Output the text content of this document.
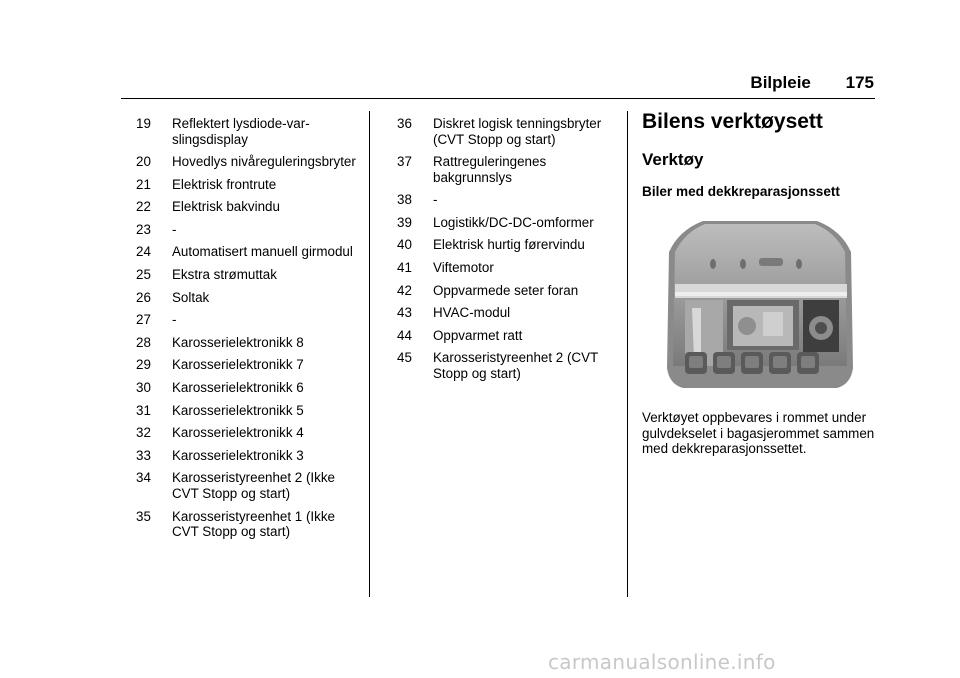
Bilpleie 175
19	Reflektert lysdiode-varslingsdisplay
20	Hovedlys nivåreguleringsbryter
21	Elektrisk frontrute
22	Elektrisk bakvindu
23	-
24	Automatisert manuell girmodul
25	Ekstra strømuttak
26	Soltak
27	-
28	Karosserielektronikk 8
29	Karosserielektronikk 7
30	Karosserielektronikk 6
31	Karosserielektronikk 5
32	Karosserielektronikk 4
33	Karosserielektronikk 3
34	Karosseristyreenhet 2 (Ikke CVT Stopp og start)
35	Karosseristyreenhet 1 (Ikke CVT Stopp og start)
36	Diskret logisk tenningsbryter (CVT Stopp og start)
37	Rattreguleringenes bakgrunnslys
38	-
39	Logistikk/DC-DC-omformer
40	Elektrisk hurtig førervindu
41	Viftemotor
42	Oppvarmede seter foran
43	HVAC-modul
44	Oppvarmet ratt
45	Karosseristyreenhet 2 (CVT Stopp og start)
Bilens verktøysett
Verktøy
Biler med dekkreparasjonssett
Verktøyet oppbevares i rommet under gulvdekselet i bagasjerommet sammen med dekkreparasjonssettet.
carmanualsonline.info
